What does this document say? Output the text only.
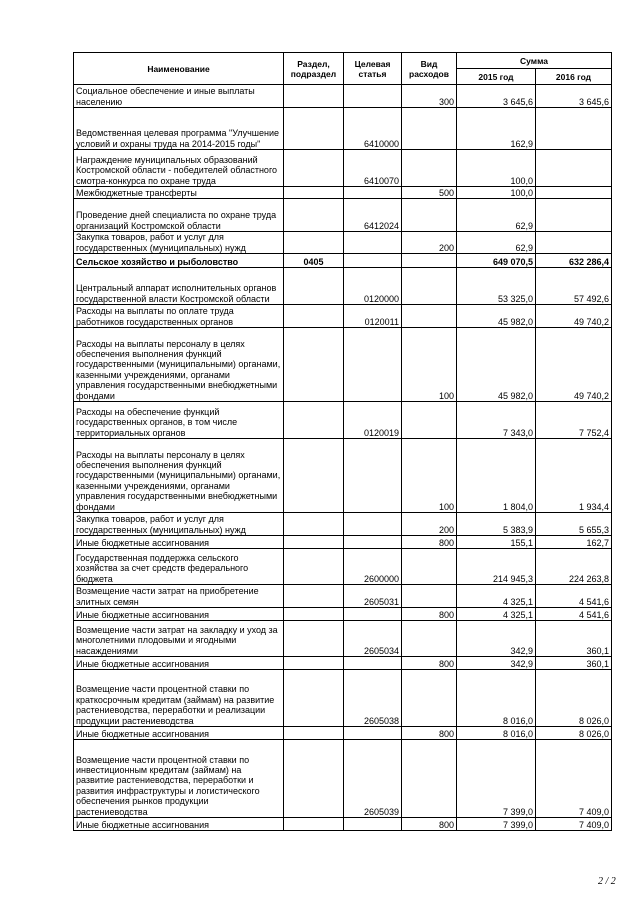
Наименование	Раздел, подраздел	Целевая статья	Вид расходов	Сумма	
				2015 год	2016 год
Социальное обеспечение и иные выплаты населению			300	3 645,6	3 645,6
Ведомственная целевая программа "Улучшение условий и охраны труда на 2014-2015 годы"		6410000		162,9	
Награждение муниципальных образований Костромской области - победителей областного смотра-конкурса по охране труда		6410070		100,0	
Межбюджетные трансферты			500	100,0	
Проведение дней специалиста по охране труда организаций Костромской области		6412024		62,9	
Закупка товаров, работ и услуг для государственных (муниципальных) нужд			200	62,9	
Сельское хозяйство и рыболовство	0405			649 070,5	632 286,4
Центральный аппарат исполнительных органов государственной власти Костромской области		0120000		53 325,0	57 492,6
Расходы на выплаты по оплате труда работников государственных органов		0120011		45 982,0	49 740,2
Расходы на выплаты персоналу в целях обеспечения выполнения функций государственными (муниципальными) органами, казенными учреждениями, органами управления государственными внебюджетными фондами			100	45 982,0	49 740,2
Расходы на обеспечение функций государственных органов, в том числе территориальных органов		0120019		7 343,0	7 752,4
Расходы на выплаты персоналу в целях обеспечения выполнения функций государственными (муниципальными) органами, казенными учреждениями, органами управления государственными внебюджетными фондами			100	1 804,0	1 934,4
Закупка товаров, работ и услуг для государственных (муниципальных) нужд			200	5 383,9	5 655,3
Иные бюджетные ассигнования			800	155,1	162,7
Государственная поддержка сельского хозяйства за счет средств федерального бюджета		2600000		214 945,3	224 263,8
Возмещение части затрат на приобретение элитных семян		2605031		4 325,1	4 541,6
Иные бюджетные ассигнования			800	4 325,1	4 541,6
Возмещение части затрат на закладку и уход за многолетними плодовыми и ягодными насаждениями		2605034		342,9	360,1
Иные бюджетные ассигнования			800	342,9	360,1
Возмещение части процентной ставки по краткосрочным кредитам (займам) на развитие растениеводства, переработки и реализации продукции растениеводства		2605038		8 016,0	8 026,0
Иные бюджетные ассигнования			800	8 016,0	8 026,0
Возмещение части процентной ставки по инвестиционным кредитам (займам) на развитие растениеводства, переработки и развития инфраструктуры и логистического обеспечения рынков продукции растениеводства		2605039		7 399,0	7 409,0
Иные бюджетные ассигнования			800	7 399,0	7 409,0
2 / 2
